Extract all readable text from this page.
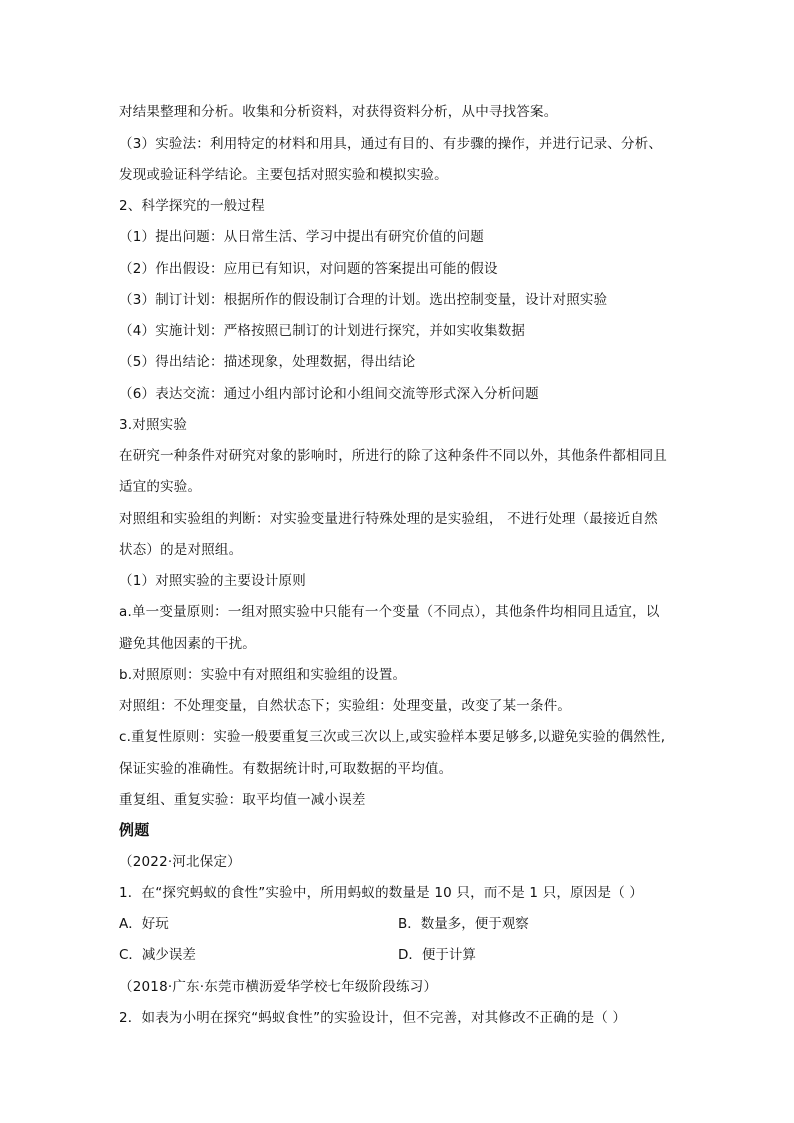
对结果整理和分析。收集和分析资料，对获得资料分析，从中寻找答案。
（3）实验法：利用特定的材料和用具，通过有目的、有步骤的操作，并进行记录、分析、
发现或验证科学结论。主要包括对照实验和模拟实验。
2、科学探究的一般过程
（1）提出问题：从日常生活、学习中提出有研究价值的问题
（2）作出假设：应用已有知识，对问题的答案提出可能的假设
（3）制订计划：根据所作的假设制订合理的计划。选出控制变量，设计对照实验
（4）实施计划：严格按照已制订的计划进行探究，并如实收集数据
（5）得出结论：描述现象，处理数据，得出结论
（6）表达交流：通过小组内部讨论和小组间交流等形式深入分析问题
3.对照实验
在研究一种条件对研究对象的影响时，所进行的除了这种条件不同以外，其他条件都相同且
适宜的实验。
对照组和实验组的判断：对实验变量进行特殊处理的是实验组， 不进行处理（最接近自然
状态）的是对照组。
（1）对照实验的主要设计原则
a.单一变量原则：一组对照实验中只能有一个变量（不同点），其他条件均相同且适宜，以
避免其他因素的干扰。
b.对照原则：实验中有对照组和实验组的设置。
对照组：不处理变量，自然状态下；实验组：处理变量，改变了某一条件。
c.重复性原则：实验一般要重复三次或三次以上,或实验样本要足够多,以避免实验的偶然性,
保证实验的准确性。有数据统计时,可取数据的平均值。
重复组、重复实验：取平均值一减小误差
例题
（2022·河北保定）
1．在“探究蚂蚁的食性”实验中，所用蚂蚁的数量是 10 只，而不是 1 只，原因是（ ）
A．好玩	B．数量多，便于观察
C．减少误差	D．便于计算
（2018·广东·东莞市横沥爱华学校七年级阶段练习）
2．如表为小明在探究“蚂蚁食性”的实验设计，但不完善，对其修改不正确的是（ ）
